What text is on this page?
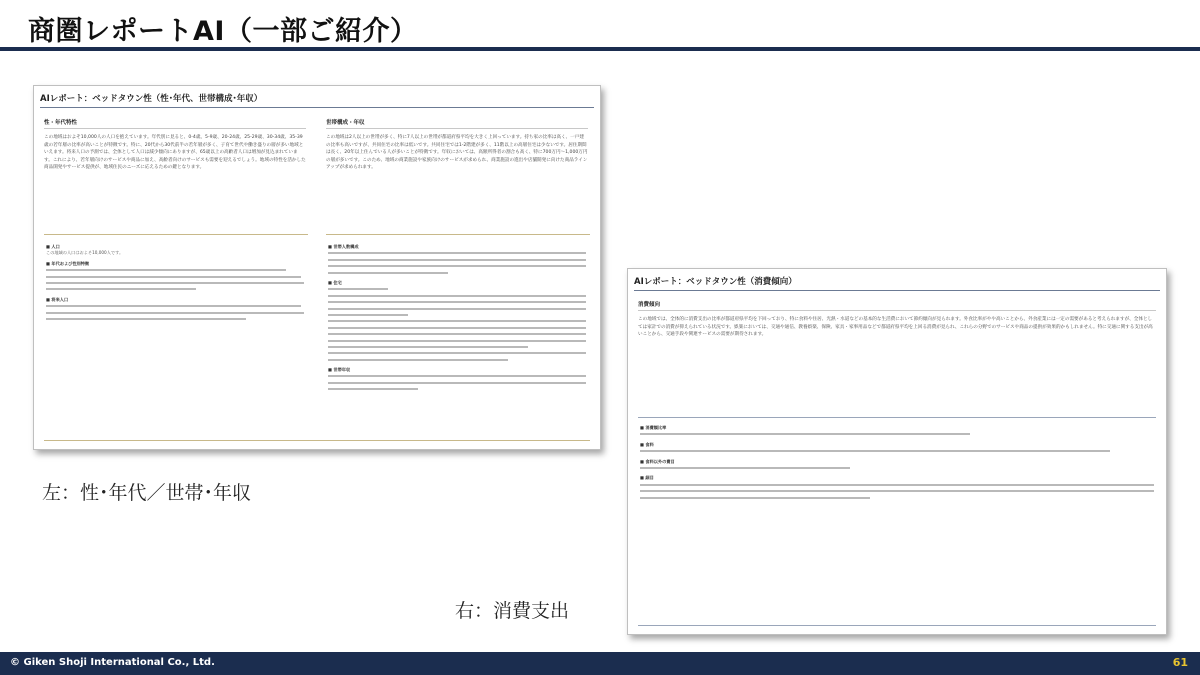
商圏レポートAI（一部ご紹介）
AIレポート：ベッドタウン性（性･年代、世帯構成･年収）
性・年代特性
この地域はおよそ10,000人の人口を抱えています。年代別に見ると、0-4歳、5-9歳、20-24歳、25-29歳、30-34歳、35-39歳の若年層の比率が高いことが特徴です。特に、20代から30代前半の若年層が多く、子育て世代や働き盛りの層が多い地域といえます。将来人口の予測では、全体として人口は減少傾向にありますが、65歳以上の高齢者人口は増加が見込まれています。これにより、若年層向けのサービスや商品に加え、高齢者向けのサービスも需要を迎えるでしょう。地域の特性を活かした商品開発やサービス提供が、地域住民のニーズに応えるための鍵となります。
世帯構成・年収
この地域は2人以上の世帯が多く、特に7人以上の世帯が都道府県平均を大きく上回っています。持ち家の比率は高く、一戸建の比率も高いですが、共同住宅の比率は低いです。共同住宅では1-2階建が多く、11階以上の高層住宅は少ないです。居住期間は長く、20年以上住んでいる人が多いことが特徴です。年収においては、高額所得者の割合も高く、特に700万円～1,000万円の層が多いです。このため、地域の商業施設や家族向けのサービスが求められ、商業施設の進出や店舗開発に向けた商品ラインアップが求められます。
■ 人口
この地域の人口はおよそ10,000人です。
■ 年代および性別特徴
■ 将来人口
■ 世帯人数構成
■ 住宅
■ 世帯年収
AIレポート：ベッドタウン性（消費傾向）
消費傾向
この地域では、全体的に消費支出の比率が都道府県平均を下回っており、特に食料や住居、光熱・水道などの基本的な生活費において節約傾向が見られます。外食比率がやや高いことから、外食産業には一定の需要があると考えられますが、全体としては家計での消費が抑えられている状況です。娯楽においては、交通や通信、教養娯楽、保険、家具・家事用品などで都道府県平均を上回る消費が見られ、これらの分野でのサービスや商品の提供が効果的かもしれません。特に交通に関する支出が高いことから、交通手段や関連サービスの需要が期待されます。
■ 消費額比率
■ 食料
■ 食料以外の費目
■ 細目
左：性･年代／世帯･年収
右：消費支出
© Giken Shoji International Co., Ltd.	61
